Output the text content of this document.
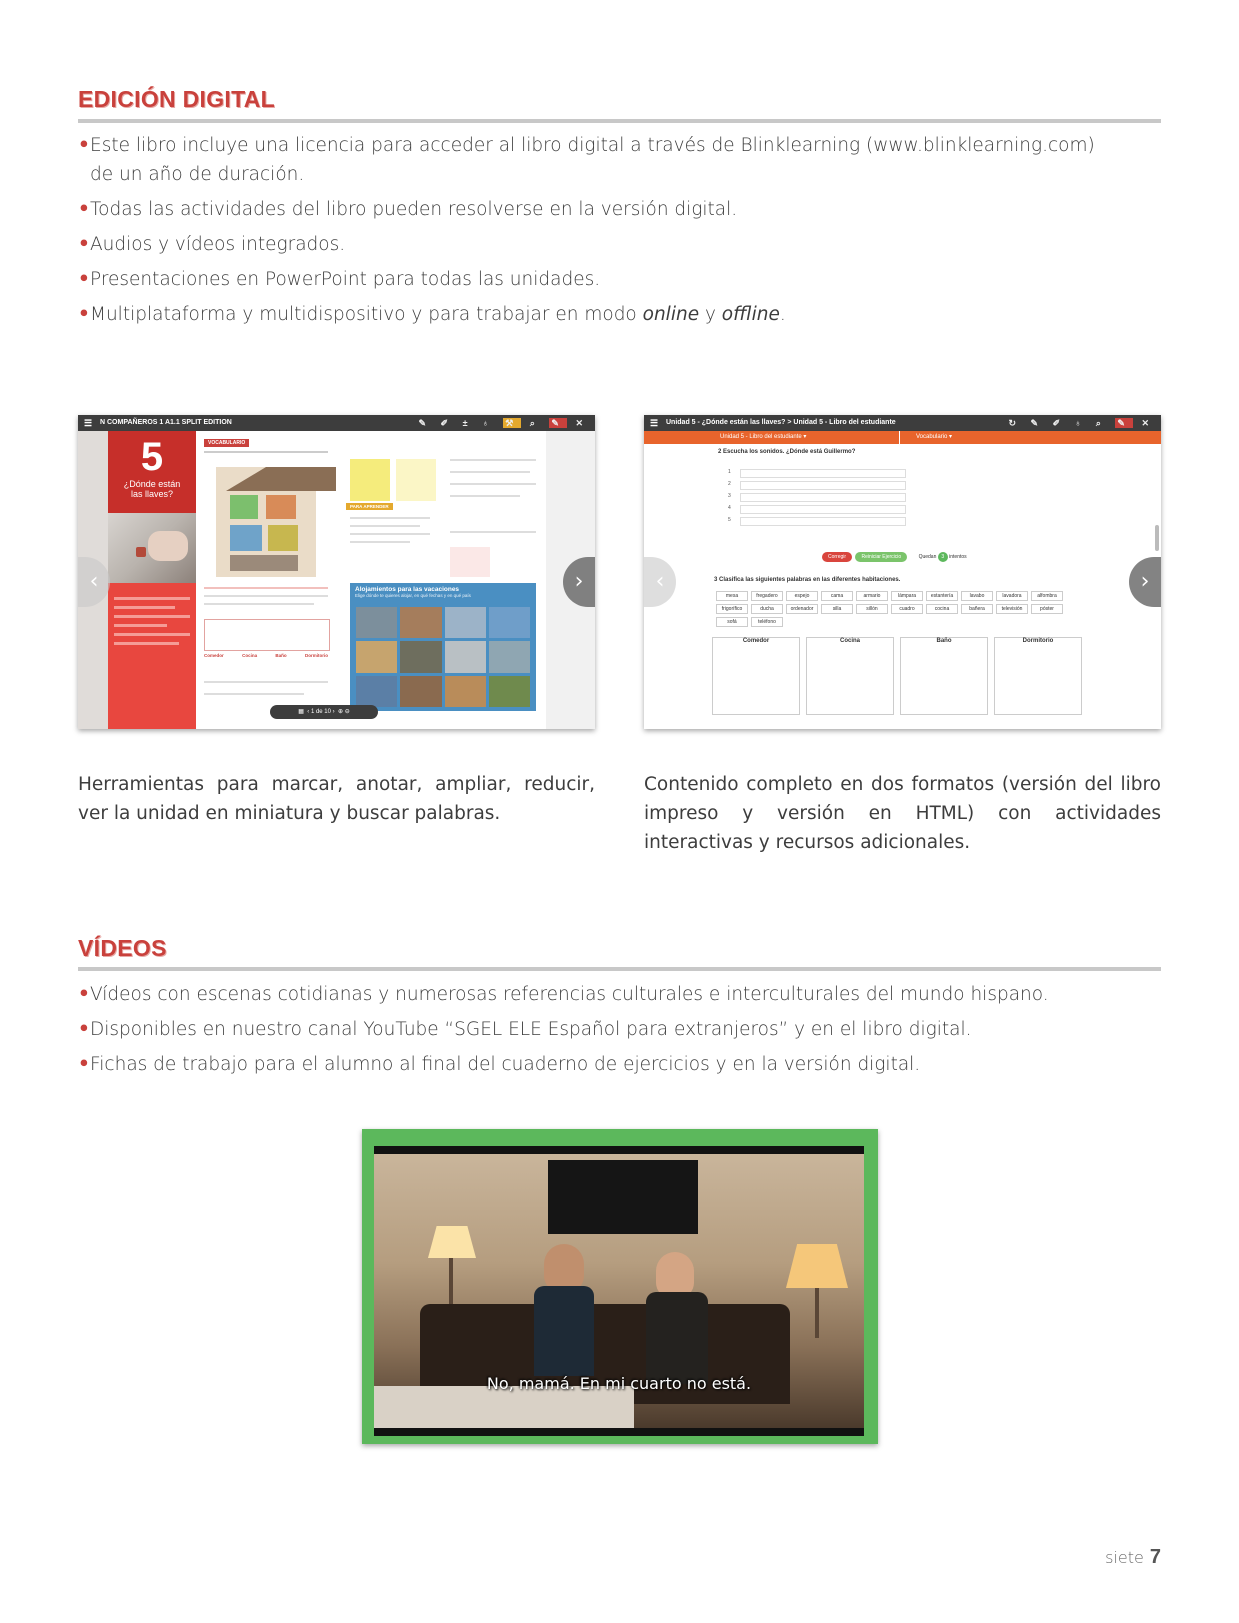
EDICIÓN DIGITAL
• Este libro incluye una licencia para acceder al libro digital a través de Blinklearning (www.blinklearning.com)
de un año de duración.
• Todas las actividades del libro pueden resolverse en la versión digital.
• Audios y vídeos integrados.
• Presentaciones en PowerPoint para todas las unidades.
• Multiplataforma y multidispositivo y para trabajar en modo online y offline.
☰ N COMPAÑEROS 1 A1.1 SPLIT EDITION	✎ ✐ ± ♁ ⚒ ⌕ ✎ ✕
5
¿Dónde están las llaves?
VOCABULARIO
Comedor	Cocina	Baño	Dormitorio
PARA APRENDER
Alojamientos para las vacaciones
Elige dónde te quieres alojar, en qué fechas y en qué país
▦ ‹ 1 de 10 › ⊕ ⊖
‹	›
☰ Unidad 5 - ¿Dónde están las llaves? > Unidad 5 - Libro del estudiante	↻ ✎ ✐ ♁ ⌕ ✎ ✕
Unidad 5 - Libro del estudiante ▾	Vocabulario ▾
2 Escucha los sonidos. ¿Dónde está Guillermo?
1
2
3
4
5
Corregir	Reiniciar Ejercicio	Quedan 3 intentos
3 Clasifica las siguientes palabras en las diferentes habitaciones.
mesa	fregadero	espejo	cama	armario	lámpara	estantería	lavabo	lavadora	alfombra
frigorífico	ducha	ordenador	silla	sillón	cuadro	cocina	bañera	televisión	póster
sofá	teléfono
Comedor	Cocina	Baño	Dormitorio
‹	›
Herramientas para marcar, anotar, ampliar, reducir, ver la unidad en miniatura y buscar palabras.
Contenido completo en dos formatos (versión del libro impreso y versión en HTML) con actividades interactivas y recursos adicionales.
VÍDEOS
• Vídeos con escenas cotidianas y numerosas referencias culturales e interculturales del mundo hispano.
• Disponibles en nuestro canal YouTube “SGEL ELE Español para extranjeros” y en el libro digital.
• Fichas de trabajo para el alumno al final del cuaderno de ejercicios y en la versión digital.
No, mamá. En mi cuarto no está.
siete 7
